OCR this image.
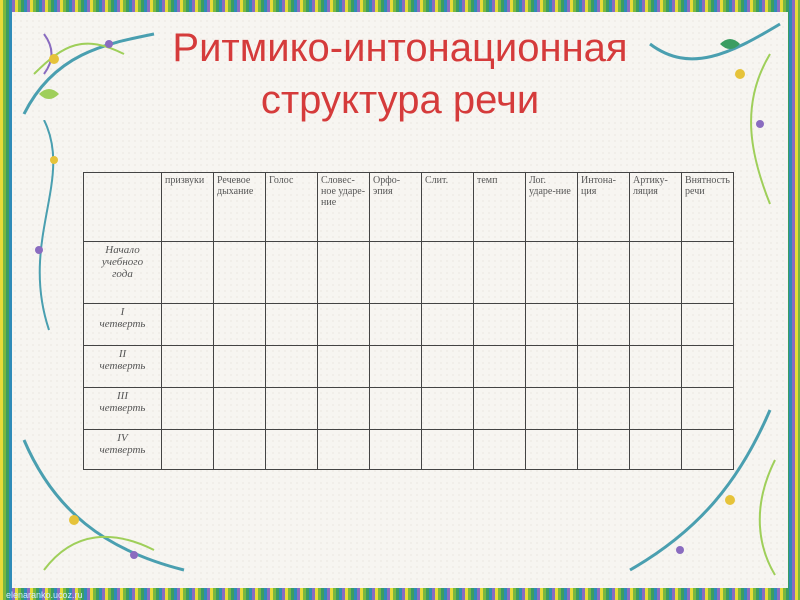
Ритмико-интонационная
структура речи
	призвуки	Речевое дыхание	Голос	Словес-ное ударе-ние	Орфо-эпия	Слит.	темп	Лог. ударе-ние	Интона-ция	Артику-ляция	Внятность речи

Начало
учебного
года											

I
четверть											

II
четверть											

III
четверть											

IV
четверть											

elenaranko.ucoz.ru
